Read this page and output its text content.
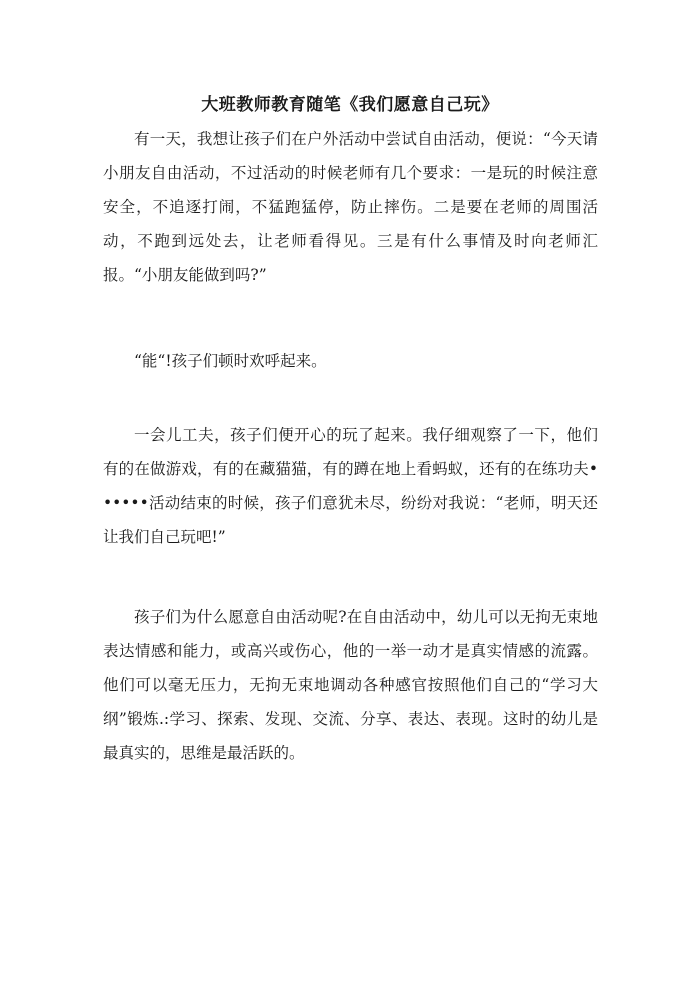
大班教师教育随笔《我们愿意自己玩》

有一天，我想让孩子们在户外活动中尝试自由活动，便说：“今天请小朋友自由活动，不过活动的时候老师有几个要求：一是玩的时候注意安全，不追逐打闹，不猛跑猛停，防止摔伤。二是要在老师的周围活动，不跑到远处去，让老师看得见。三是有什么事情及时向老师汇报。“小朋友能做到吗?”

“能“!孩子们顿时欢呼起来。

一会儿工夫，孩子们便开心的玩了起来。我仔细观察了一下，他们有的在做游戏，有的在藏猫猫，有的蹲在地上看蚂蚁，还有的在练功夫••••••活动结束的时候，孩子们意犹未尽，纷纷对我说：“老师，明天还让我们自己玩吧!”

孩子们为什么愿意自由活动呢?在自由活动中，幼儿可以无拘无束地表达情感和能力，或高兴或伤心，他的一举一动才是真实情感的流露。他们可以毫无压力，无拘无束地调动各种感官按照他们自己的“学习大纲”锻炼.:学习、探索、发现、交流、分享、表达、表现。这时的幼儿是最真实的，思维是最活跃的。
